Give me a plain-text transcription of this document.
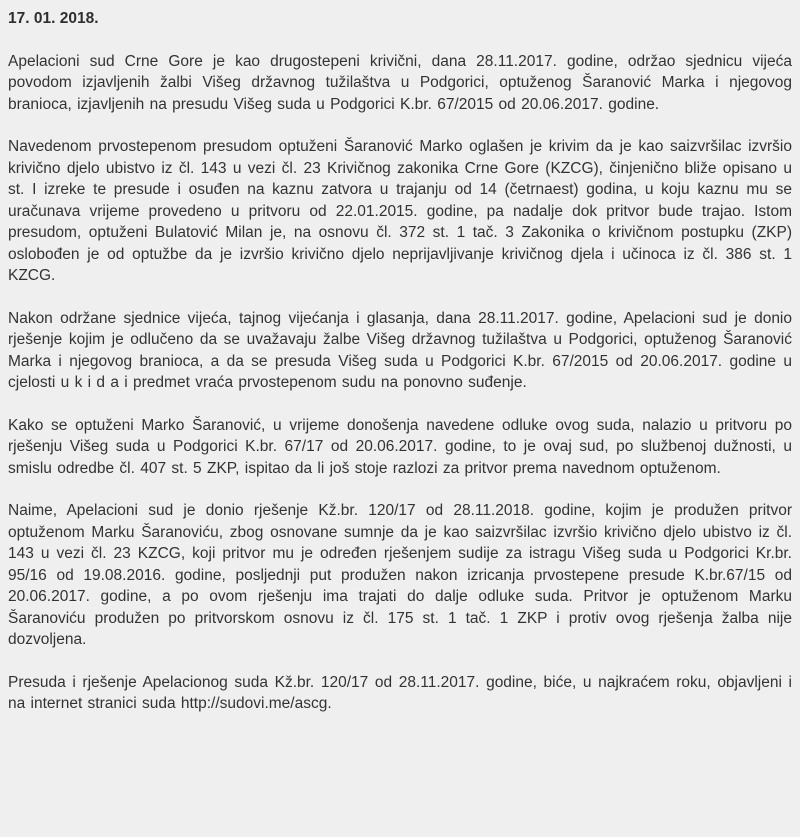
17. 01. 2018.

Apelacioni sud Crne Gore je kao drugostepeni krivični, dana 28.11.2017. godine, održao sjednicu vijeća povodom izjavljenih žalbi Višeg državnog tužilaštva u Podgorici, optuženog Šaranović Marka i njegovog branioca, izjavljenih na presudu Višeg suda u Podgorici K.br. 67/2015 od 20.06.2017. godine.

Navedenom prvostepenom presudom optuženi Šaranović Marko oglašen je krivim da je kao saizvršilac izvršio krivično djelo ubistvo iz čl. 143 u vezi čl. 23 Krivičnog zakonika Crne Gore (KZCG), činjenično bliže opisano u st. I izreke te presude i osuđen na kaznu zatvora u trajanju od 14 (četrnaest) godina, u koju kaznu mu se uračunava vrijeme provedeno u pritvoru od 22.01.2015. godine, pa nadalje dok pritvor bude trajao. Istom presudom, optuženi Bulatović Milan je, na osnovu čl. 372 st. 1 tač. 3 Zakonika o krivičnom postupku (ZKP) oslobođen je od optužbe da je izvršio krivično djelo neprijavljivanje krivičnog djela i učinoca iz čl. 386 st. 1 KZCG.

Nakon održane sjednice vijeća, tajnog vijećanja i glasanja, dana 28.11.2017. godine, Apelacioni sud je donio rješenje kojim je odlučeno da se uvažavaju žalbe Višeg državnog tužilaštva u Podgorici, optuženog Šaranović Marka i njegovog branioca, a da se presuda Višeg suda u Podgorici K.br. 67/2015 od 20.06.2017. godine u cjelosti u k i d a i predmet vraća prvostepenom sudu na ponovno suđenje.

Kako se optuženi Marko Šaranović, u vrijeme donošenja navedene odluke ovog suda, nalazio u pritvoru po rješenju Višeg suda u Podgorici K.br. 67/17 od 20.06.2017. godine, to je ovaj sud, po službenoj dužnosti, u smislu odredbe čl. 407 st. 5 ZKP, ispitao da li još stoje razlozi za pritvor prema navednom optuženom.

Naime, Apelacioni sud je donio rješenje Kž.br. 120/17 od 28.11.2018. godine, kojim je produžen pritvor optuženom Marku Šaranoviću, zbog osnovane sumnje da je kao saizvršilac izvršio krivično djelo ubistvo iz čl. 143 u vezi čl. 23 KZCG, koji pritvor mu je određen rješenjem sudije za istragu Višeg suda u Podgorici Kr.br. 95/16 od 19.08.2016. godine, posljednji put produžen nakon izricanja prvostepene presude K.br.67/15 od 20.06.2017. godine, a po ovom rješenju ima trajati do dalje odluke suda. Pritvor je optuženom Marku Šaranoviću produžen po pritvorskom osnovu iz čl. 175 st. 1 tač. 1 ZKP i protiv ovog rješenja žalba nije dozvoljena.

Presuda i rješenje Apelacionog suda Kž.br. 120/17 od 28.11.2017. godine, biće, u najkraćem roku, objavljeni i na internet stranici suda http://sudovi.me/ascg.
